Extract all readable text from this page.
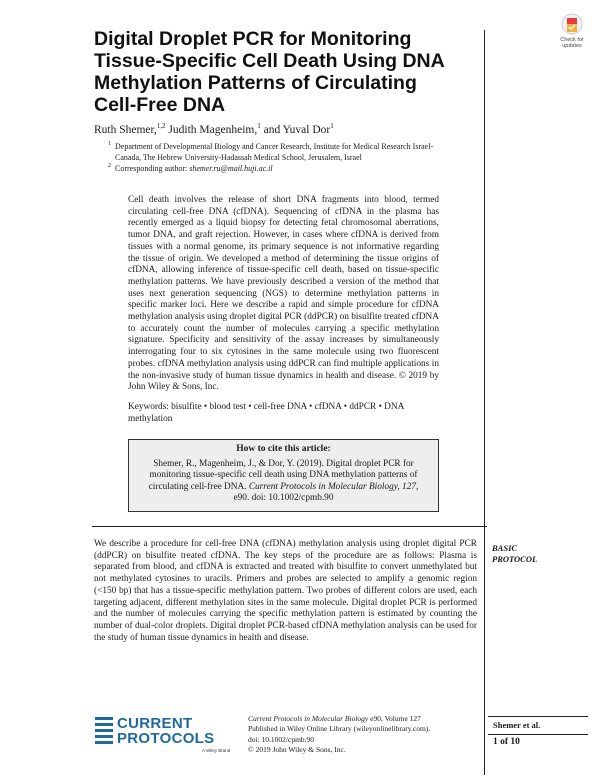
Check for
updates
Digital Droplet PCR for Monitoring Tissue-Specific Cell Death Using DNA Methylation Patterns of Circulating Cell-Free DNA
Ruth Shemer,$^{1,2}$ Judith Magenheim,$^1$ and Yuval Dor$^1$
1 Department of Developmental Biology and Cancer Research, Institute for Medical Research Israel-Canada, The Hebrew University-Hadassah Medical School, Jerusalem, Israel
2 Corresponding author: shemer.ru@mail.huji.ac.il

Cell death involves the release of short DNA fragments into blood, termed circulating cell-free DNA (cfDNA). Sequencing of cfDNA in the plasma has recently emerged as a liquid biopsy for detecting fetal chromosomal aberrations, tumor DNA, and graft rejection. However, in cases where cfDNA is derived from tissues with a normal genome, its primary sequence is not informative regarding the tissue of origin. We developed a method of determining the tissue origins of cfDNA, allowing inference of tissue-specific cell death, based on tissue-specific methylation patterns. We have previously described a version of the method that uses next generation sequencing (NGS) to determine methylation patterns in specific marker loci. Here we describe a rapid and simple procedure for cfDNA methylation analysis using droplet digital PCR (ddPCR) on bisulfite treated cfDNA to accurately count the number of molecules carrying a specific methylation signature. Specificity and sensitivity of the assay increases by simultaneously interrogating four to six cytosines in the same molecule using two fluorescent probes. cfDNA methylation analysis using ddPCR can find multiple applications in the non-invasive study of human tissue dynamics in health and disease. © 2019 by John Wiley & Sons, Inc.

Keywords: bisulfite • blood test • cell-free DNA • cfDNA • ddPCR • DNA methylation
How to cite this article:
Shemer, R., Magenheim, J., & Dor, Y. (2019). Digital droplet PCR for monitoring tissue-specific cell death using DNA methylation patterns of circulating cell-free DNA. Current Protocols in Molecular Biology, 127, e90. doi: 10.1002/cpmb.90

We describe a procedure for cell-free DNA (cfDNA) methylation analysis using droplet digital PCR (ddPCR) on bisulfite treated cfDNA. The key steps of the procedure are as follows: Plasma is separated from blood, and cfDNA is extracted and treated with bisulfite to convert unmethylated but not methylated cytosines to uracils. Primers and probes are selected to amplify a genomic region (<150 bp) that has a tissue-specific methylation pattern. Two probes of different colors are used, each targeting adjacent, different methylation sites in the same molecule. Digital droplet PCR is performed and the number of molecules carrying the specific methylation pattern is estimated by counting the number of dual-color droplets. Digital droplet PCR-based cfDNA methylation analysis can be used for the study of human tissue dynamics in health and disease.

BASIC
PROTOCOL
Shemer et al.
1 of 10
CURRENT
PROTOCOLS
A Wiley Brand
Current Protocols in Molecular Biology e90, Volume 127
Published in Wiley Online Library (wileyonlinelibrary.com).
doi: 10.1002/cpmb.90
© 2019 John Wiley & Sons, Inc.
